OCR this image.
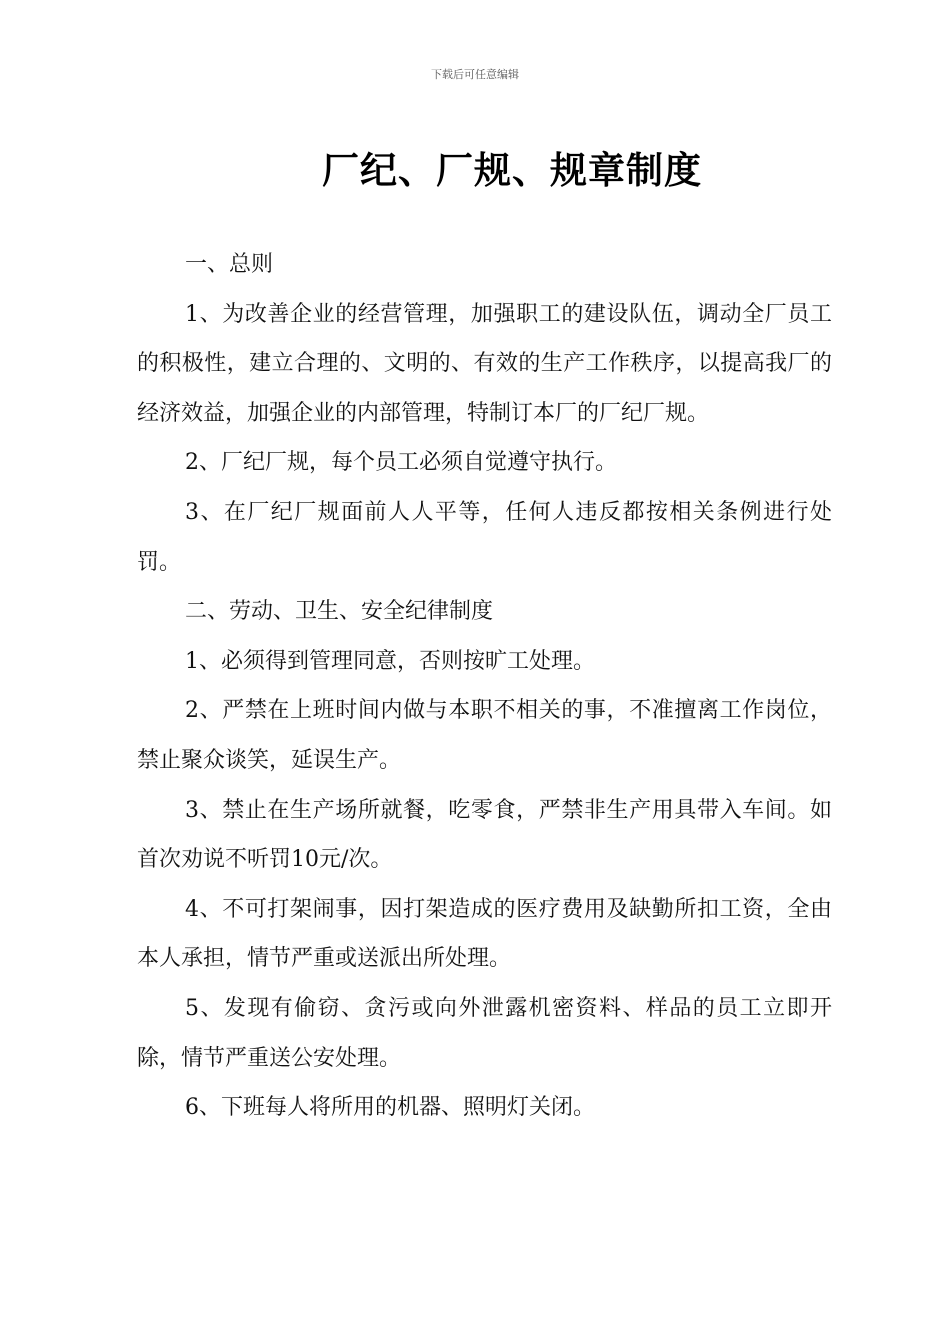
下载后可任意编辑
厂纪、厂规、规章制度

一、总则

1、为改善企业的经营管理，加强职工的建设队伍，调动全厂员工的积极性，建立合理的、文明的、有效的生产工作秩序，以提高我厂的经济效益，加强企业的内部管理，特制订本厂的厂纪厂规。

2、厂纪厂规，每个员工必须自觉遵守执行。

3、在厂纪厂规面前人人平等，任何人违反都按相关条例进行处罚。

二、劳动、卫生、安全纪律制度

1、必须得到管理同意，否则按旷工处理。

2、严禁在上班时间内做与本职不相关的事，不准擅离工作岗位，禁止聚众谈笑，延误生产。

3、禁止在生产场所就餐，吃零食，严禁非生产用具带入车间。如首次劝说不听罚10元/次。

4、不可打架闹事，因打架造成的医疗费用及缺勤所扣工资，全由本人承担，情节严重或送派出所处理。

5、发现有偷窃、贪污或向外泄露机密资料、样品的员工立即开除，情节严重送公安处理。

6、下班每人将所用的机器、照明灯关闭。
